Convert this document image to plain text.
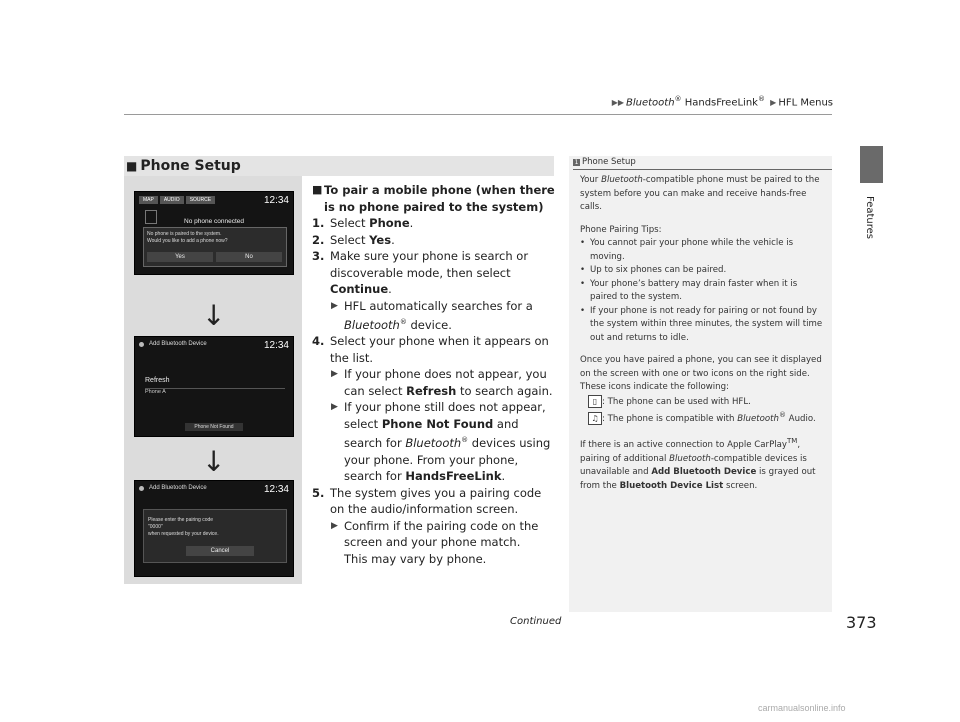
▶▶ Bluetooth® HandsFreeLink® ▶ HFL Menus
Features
■ Phone Setup
MAP	AUDIO	SOURCE	12:34
No phone connected
No phone is paired to the system.
Would you like to add a phone now?
Yes	No
↓
Add Bluetooth Device	12:34
Refresh
Phone A
Phone Not Found
↓
Add Bluetooth Device	12:34
Please enter the pairing code
"0000"
when requested by your device.
Cancel
■ To pair a mobile phone (when there is no phone paired to the system)
1. Select Phone.
2. Select Yes.
3. Make sure your phone is search or discoverable mode, then select Continue.
▶ HFL automatically searches for a Bluetooth® device.
4. Select your phone when it appears on the list.
▶ If your phone does not appear, you can select Refresh to search again.
▶ If your phone still does not appear, select Phone Not Found and search for Bluetooth® devices using your phone. From your phone, search for HandsFreeLink.
5. The system gives you a pairing code on the audio/information screen.
▶ Confirm if the pairing code on the screen and your phone match.
This may vary by phone.
1 Phone Setup

Your Bluetooth-compatible phone must be paired to the system before you can make and receive hands-free calls.

Phone Pairing Tips:

• You cannot pair your phone while the vehicle is moving.
• Up to six phones can be paired.
• Your phone’s battery may drain faster when it is paired to the system.
• If your phone is not ready for pairing or not found by the system within three minutes, the system will time out and returns to idle.

Once you have paired a phone, you can see it displayed on the screen with one or two icons on the right side.

These icons indicate the following:

▯ : The phone can be used with HFL.
♫ : The phone is compatible with Bluetooth® Audio.

If there is an active connection to Apple CarPlay™, pairing of additional Bluetooth-compatible devices is unavailable and Add Bluetooth Device is grayed out from the Bluetooth Device List screen.

Continued	373
carmanualsonline.info
